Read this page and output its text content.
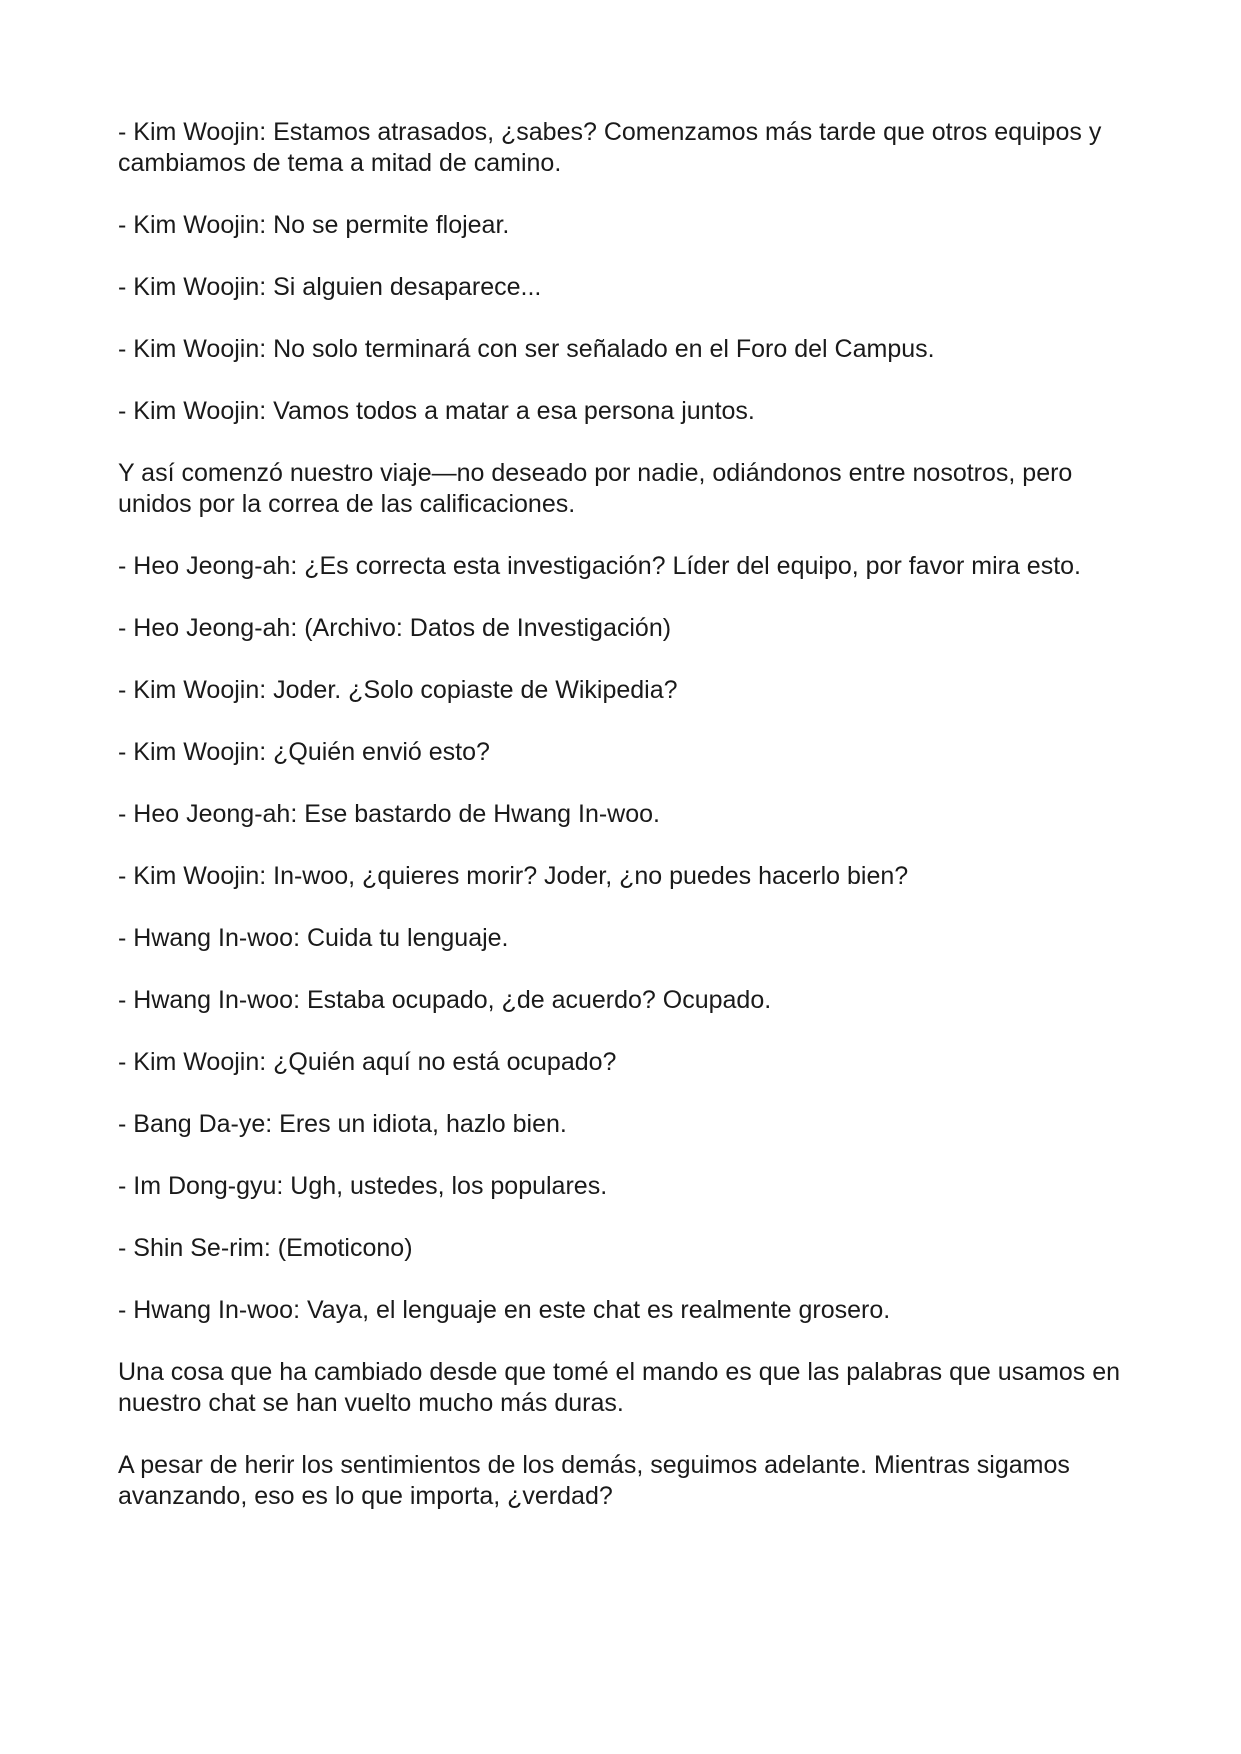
- Kim Woojin: Estamos atrasados, ¿sabes? Comenzamos más tarde que otros equipos y cambiamos de tema a mitad de camino.

- Kim Woojin: No se permite flojear.

- Kim Woojin: Si alguien desaparece...

- Kim Woojin: No solo terminará con ser señalado en el Foro del Campus.

- Kim Woojin: Vamos todos a matar a esa persona juntos.

Y así comenzó nuestro viaje—no deseado por nadie, odiándonos entre nosotros, pero unidos por la correa de las calificaciones.

- Heo Jeong-ah: ¿Es correcta esta investigación? Líder del equipo, por favor mira esto.

- Heo Jeong-ah: (Archivo: Datos de Investigación)

- Kim Woojin: Joder. ¿Solo copiaste de Wikipedia?

- Kim Woojin: ¿Quién envió esto?

- Heo Jeong-ah: Ese bastardo de Hwang In-woo.

- Kim Woojin: In-woo, ¿quieres morir? Joder, ¿no puedes hacerlo bien?

- Hwang In-woo: Cuida tu lenguaje.

- Hwang In-woo: Estaba ocupado, ¿de acuerdo? Ocupado.

- Kim Woojin: ¿Quién aquí no está ocupado?

- Bang Da-ye: Eres un idiota, hazlo bien.

- Im Dong-gyu: Ugh, ustedes, los populares.

- Shin Se-rim: (Emoticono)

- Hwang In-woo: Vaya, el lenguaje en este chat es realmente grosero.

Una cosa que ha cambiado desde que tomé el mando es que las palabras que usamos en nuestro chat se han vuelto mucho más duras.

A pesar de herir los sentimientos de los demás, seguimos adelante. Mientras sigamos avanzando, eso es lo que importa, ¿verdad?
